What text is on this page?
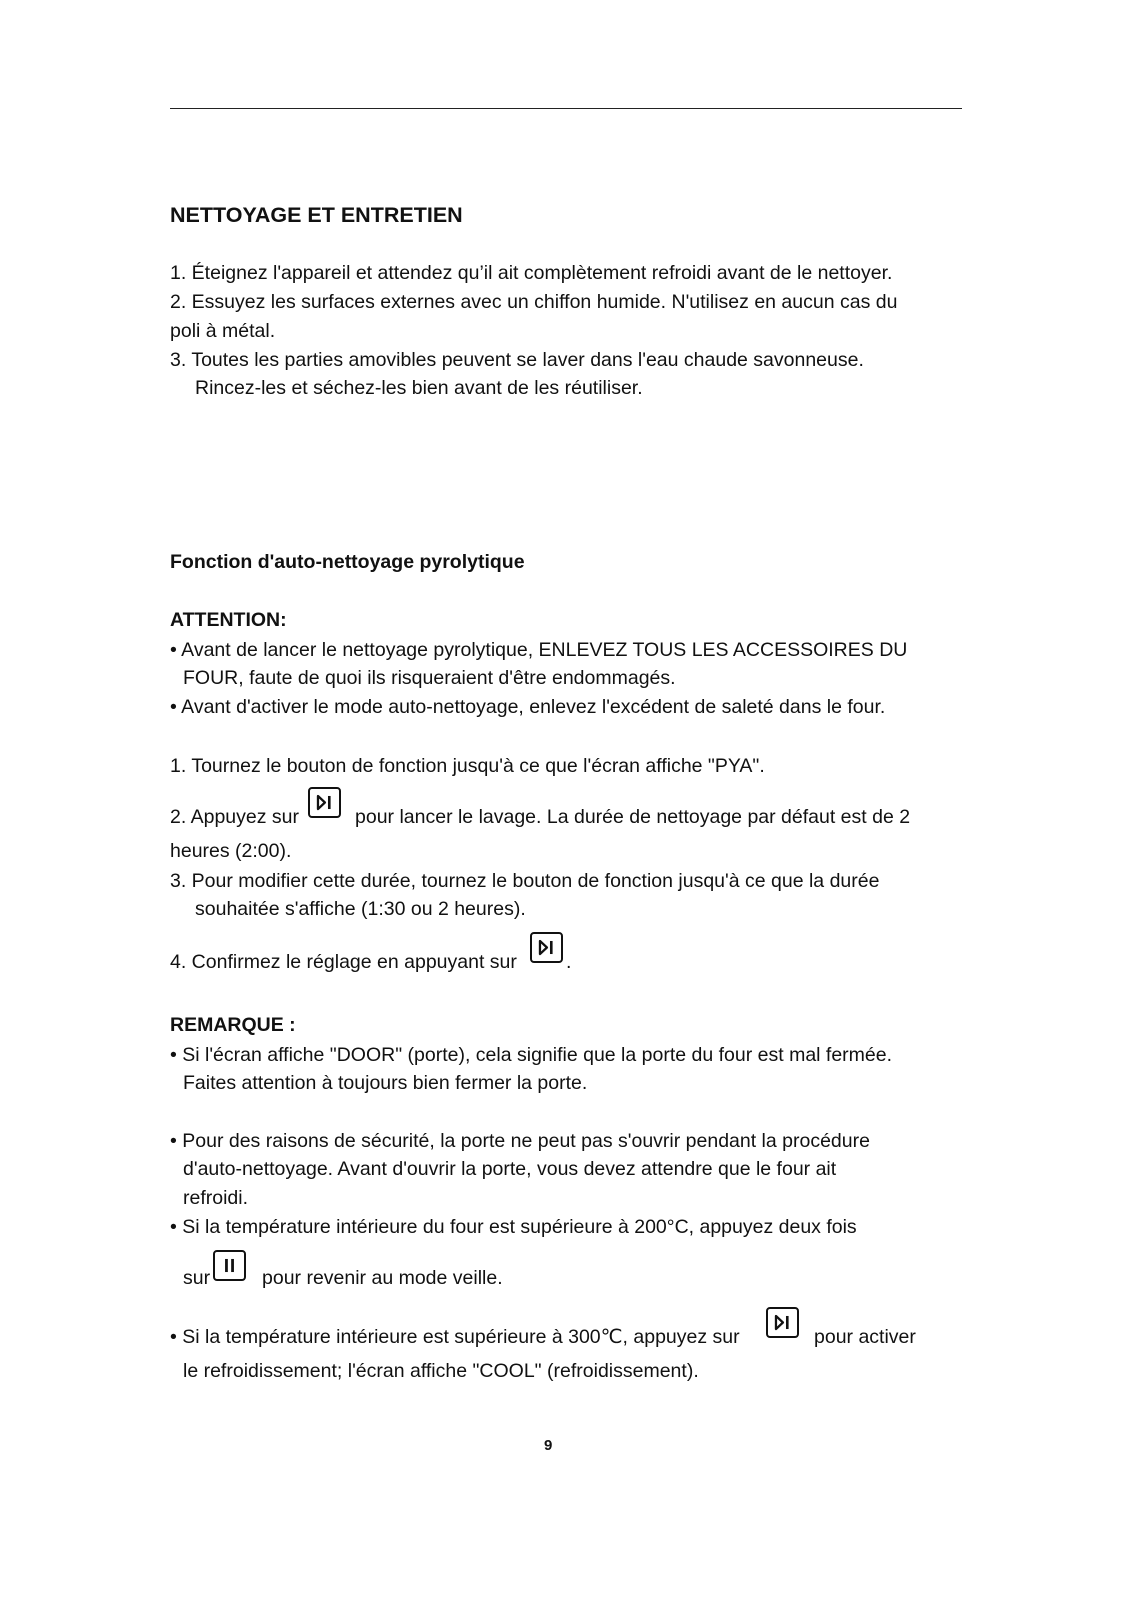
NETTOYAGE ET ENTRETIEN
1. Éteignez l'appareil et attendez qu’il ait complètement refroidi avant de le nettoyer.
2. Essuyez les surfaces externes avec un chiffon humide. N'utilisez en aucun cas du
poli à métal.
3. Toutes les parties amovibles peuvent se laver dans l'eau chaude savonneuse.
Rincez-les et séchez-les bien avant de les réutiliser.
Fonction d'auto-nettoyage pyrolytique
ATTENTION:
• Avant de lancer le nettoyage pyrolytique, ENLEVEZ TOUS LES ACCESSOIRES DU
FOUR, faute de quoi ils risqueraient d'être endommagés.
• Avant d'activer le mode auto-nettoyage, enlevez l'excédent de saleté dans le four.
1. Tournez le bouton de fonction jusqu'à ce que l'écran affiche "PYA".
2. Appuyez sur	pour lancer le lavage. La durée de nettoyage par défaut est de 2
heures (2:00).
3. Pour modifier cette durée, tournez le bouton de fonction jusqu'à ce que la durée
souhaitée s'affiche (1:30 ou 2 heures).
4. Confirmez le réglage en appuyant sur	.
REMARQUE :
• Si l'écran affiche "DOOR" (porte), cela signifie que la porte du four est mal fermée.
Faites attention à toujours bien fermer la porte.
• Pour des raisons de sécurité, la porte ne peut pas s'ouvrir pendant la procédure
d'auto-nettoyage. Avant d'ouvrir la porte, vous devez attendre que le four ait
refroidi.
• Si la température intérieure du four est supérieure à 200°C, appuyez deux fois
sur	pour revenir au mode veille.
• Si la température intérieure est supérieure à 300℃, appuyez sur	pour activer
le refroidissement; l'écran affiche "COOL" (refroidissement).
9
